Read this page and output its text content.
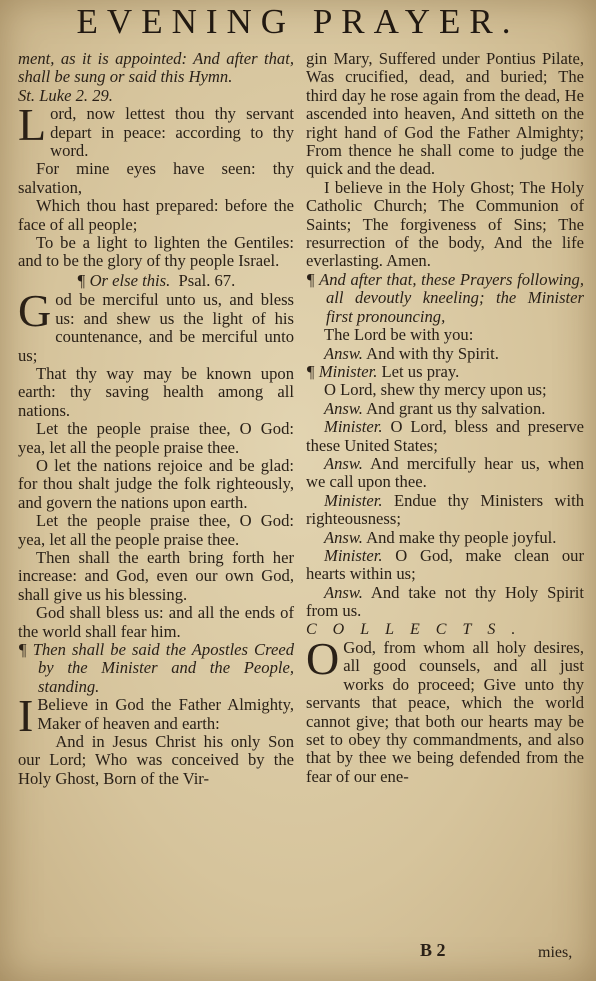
EVENING PRAYER.

ment, as it is appointed: And after that, shall be sung or said this Hymn.

St. Luke 2. 29.

Lord, now lettest thou thy servant depart in peace: according to thy word.

For mine eyes have seen: thy salvation,

Which thou hast prepared: before the face of all people;

To be a light to lighten the Gentiles: and to be the glory of thy people Israel.

¶ Or else this. Psal. 67.

God be merciful unto us, and bless us: and shew us the light of his countenance, and be merciful unto us;

That thy way may be known upon earth: thy saving health among all nations.

Let the people praise thee, O God: yea, let all the people praise thee.

O let the nations rejoice and be glad: for thou shalt judge the folk righteously, and govern the nations upon earth.

Let the people praise thee, O God: yea, let all the people praise thee.

Then shall the earth bring forth her increase: and God, even our own God, shall give us his blessing.

God shall bless us: and all the ends of the world shall fear him.

¶ Then shall be said the Apostles Creed by the Minister and the People, standing.

I Believe in God the Father Almighty, Maker of heaven and earth:

And in Jesus Christ his only Son our Lord; Who was conceived by the Holy Ghost, Born of the Vir-

gin Mary, Suffered under Pontius Pilate, Was crucified, dead, and buried; The third day he rose again from the dead, He ascended into heaven, And sitteth on the right hand of God the Father Almighty; From thence he shall come to judge the quick and the dead.

I believe in the Holy Ghost; The Holy Catholic Church; The Communion of Saints; The forgiveness of Sins; The resurrection of the body, And the life everlasting. Amen.

¶ And after that, these Prayers following, all devoutly kneeling; the Minister first pronouncing,

The Lord be with you:

Answ. And with thy Spirit.

¶ Minister. Let us pray.

O Lord, shew thy mercy upon us;

Answ. And grant us thy salvation.

Minister. O Lord, bless and preserve these United States;

Answ. And mercifully hear us, when we call upon thee.

Minister. Endue thy Ministers with righteousness;

Answ. And make thy people joyful.

Minister. O God, make clean our hearts within us;

Answ. And take not thy Holy Spirit from us.

COLLECTS.

O God, from whom all holy desires, all good counsels, and all just works do proceed; Give unto thy servants that peace, which the world cannot give; that both our hearts may be set to obey thy commandments, and also that by thee we being defended from the fear of our ene-

B 2	mies,
